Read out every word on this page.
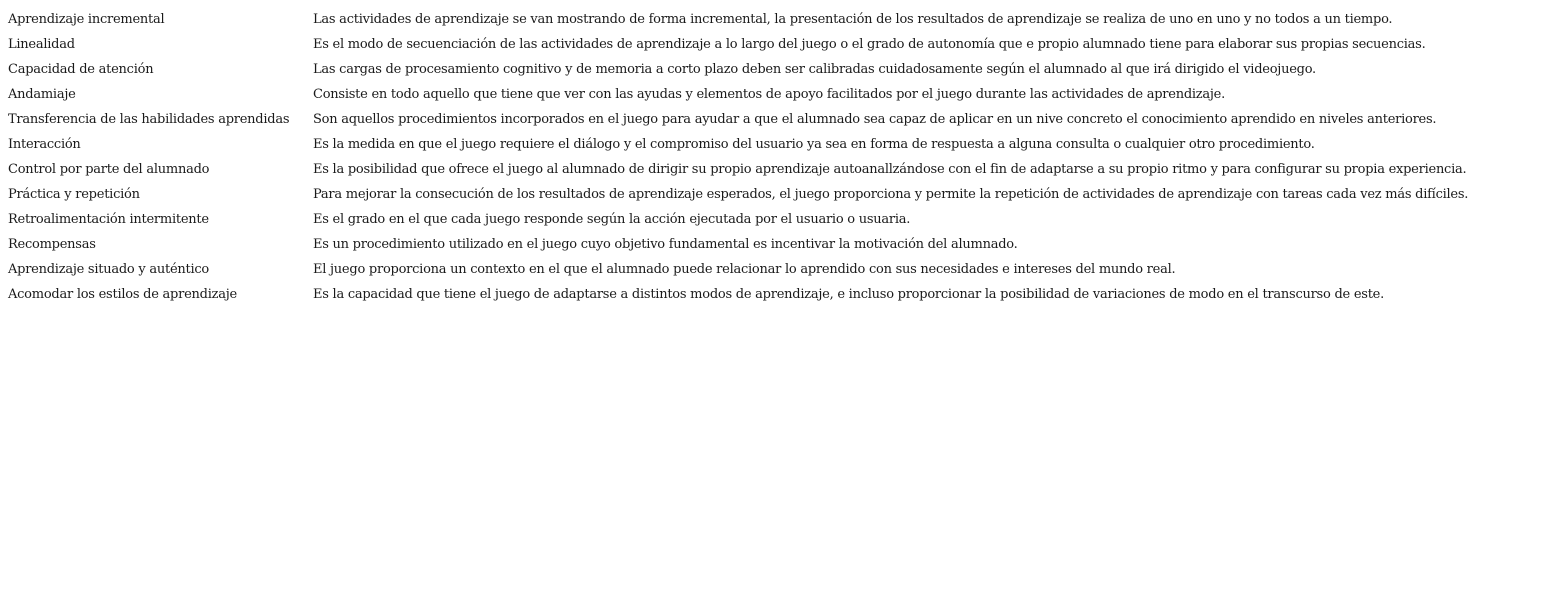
Aprendizaje incremental	Las actividades de aprendizaje se van mostrando de forma incremental, la presentación de los resultados de aprendizaje se realiza de uno en uno y no todos a un tiempo.
Linealidad	Es el modo de secuenciación de las actividades de aprendizaje a lo largo del juego o el grado de autonomía que e propio alumnado tiene para elaborar sus propias secuencias.
Capacidad de atención	Las cargas de procesamiento cognitivo y de memoria a corto plazo deben ser calibradas cuidadosamente según el alumnado al que irá dirigido el videojuego.
Andamiaje	Consiste en todo aquello que tiene que ver con las ayudas y elementos de apoyo facilitados por el juego durante las actividades de aprendizaje.
Transferencia de las habilidades aprendidas	Son aquellos procedimientos incorporados en el juego para ayudar a que el alumnado sea capaz de aplicar en un nive concreto el conocimiento aprendido en niveles anteriores.
Interacción	Es la medida en que el juego requiere el diálogo y el compromiso del usuario ya sea en forma de respuesta a alguna consulta o cualquier otro procedimiento.
Control por parte del alumnado	Es la posibilidad que ofrece el juego al alumnado de dirigir su propio aprendizaje autoanallzándose con el fin de adaptarse a su propio ritmo y para configurar su propia experiencia.
Práctica y repetición	Para mejorar la consecución de los resultados de aprendizaje esperados, el juego proporciona y permite la repetición de actividades de aprendizaje con tareas cada vez más difíciles.
Retroalimentación intermitente	Es el grado en el que cada juego responde según la acción ejecutada por el usuario o usuaria.
Recompensas	Es un procedimiento utilizado en el juego cuyo objetivo fundamental es incentivar la motivación del alumnado.
Aprendizaje situado y auténtico	El juego proporciona un contexto en el que el alumnado puede relacionar lo aprendido con sus necesidades e intereses del mundo real.
Acomodar los estilos de aprendizaje	Es la capacidad que tiene el juego de adaptarse a distintos modos de aprendizaje, e incluso proporcionar la posibilidad de variaciones de modo en el transcurso de este.
